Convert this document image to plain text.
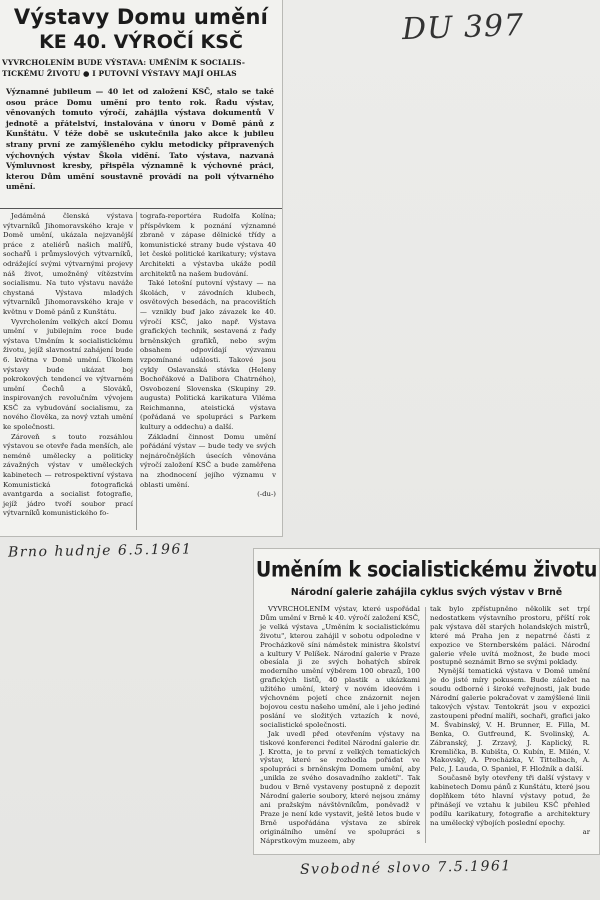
DU 397
Výstavy Domu umění
KE 40. VÝROČÍ KSČ
VYVRCHOLENÍM BUDE VÝSTAVA: UMĚNÍM K SOCIALIS-
TICKÉMU ŽIVOTU ● I PUTOVNÍ VÝSTAVY MAJÍ OHLAS
Významné jubileum — 40 let od založení KSČ, stalo se také osou práce Domu umění pro tento rok. Řadu výstav, věnovaných tomuto výročí, zahájila výstava dokumentů V jednotě a přátelství, instalována v únoru v Domě pánů z Kunštátu. V téže době se uskutečnila jako akce k jubileu strany první ze zamýšleného cyklu metodicky připravených výchovných výstav Škola vidění. Tato výstava, nazvaná Výmluvnost kresby, přispěla významně k výchovné práci, kterou Dům umění soustavně provádí na poli výtvarného umění.

Jedáměná členská výstava výtvarníků Jihomoravského kraje v Domě umění, ukázala nejzvanější práce z ateliérů našich malířů, sochařů i průmyslových výtvarníků, odrážející svými výtvarnými projevy náš život, umožněný vítězstvím socialismu. Na tuto výstavu naváže chystaná Výstava mladých výtvarníků Jihomoravského kraje v květnu v Domě pánů z Kunštátu.

Vyvrcholením velkých akcí Domu umění v jubilejním roce bude výstava Uměním k socialistickému životu, jejíž slavnostní zahájení bude 6. května v Domě umění. Úkolem výstavy bude ukázat boj pokrokových tendencí ve výtvarném umění Čechů a Slováků, inspirovaných revolučním vývojem KSČ za vybudování socialismu, za nového člověka, za nový vztah umění ke společnosti.

Zároveň s touto rozsáhlou výstavou se otevře řada menších, ale neméně umělecky a politicky závažných výstav v uměleckých kabinetech — retrospektivní výstava Komunistická fotografická avantgarda a socialist fotografie, jejíž jádro tvoří soubor prací výtvarníků komunistického fo-

tografa-reportéra Rudolfa Kolína; příspěvkem k poznání významné zbraně v zápase dělnické třídy a komunistické strany bude výstava 40 let české politické karikatury; výstava Architekti a výstavba ukáže podíl architektů na našem budování.

Také letošní putovní výstavy — na školách, v závodních klubech, osvětových besedách, na pracovištích — vznikly buď jako závazek ke 40. výročí KSČ, jako např. Výstava grafických technik, sestavená z řady brněnských grafiků, nebo svým obsahem odpovídají výzvamu vzpomínané události. Takové jsou cykly Oslavanská stávka (Heleny Bochořákové a Dalibora Chatrného), Osvobození Slovenska (Skupiny 29. augusta) Politická karikatura Viléma Reichmanna, ateistická výstava (pořádaná ve spolupráci s Parkem kultury a oddechu) a další.

Základní činnost Domu umění pořádání výstav — bude tedy ve svých nejnáročnějších úsecích věnována výročí založení KSČ a bude zaměřena na zhodnocení jejího významu v oblasti umění.

(-du-)
Brno hudnje 6.5.1961
Uměním k socialistickému životu
Národní galerie zahájila cyklus svých výstav v Brně

VYVRCHOLENÍM výstav, které uspořádal Dům umění v Brně k 40. výročí založení KSČ, je velká výstava „Uměním k socialistickému životu", kterou zahájil v sobotu odpoledne v Procházkově síni náměstek ministra školství a kultury V Pelíšek. Národní galerie v Praze obesíala ji ze svých bohatých sbírek moderního umění výběrem 100 obrazů, 100 grafických listů, 40 plastik a ukázkami užitého umění, který v novém ideovém i výchovném pojetí chce znázornit nejen bojovou cestu našeho umění, ale i jeho jediné poslání ve složitých vztazích k nové, socialistické společnosti.

Jak uvedl před otevřením výstavy na tiskové konferenci ředitel Národní galerie dr. J. Krotta, je to první z velkých tematických výstav, které se rozhodla pořádat ve spolupráci s brněnským Domem umění, aby „unikla ze svého dosavadního zakletí". Tak budou v Brně vystaveny postupně z depozit Národní galerie soubory, které nejsou známy ani pražským návštěvníkům, poněvadž v Praze je není kde vystavit, ještě letos bude v Brně uspořádána výstava ze sbírek originálního umění ve spolupráci s Náprstkovým muzeem, aby

tak bylo zpřístupněno několik set trpí nedostatkem výstavního prostoru, příští rok pak výstava děl starých holandských mistrů, které má Praha jen z nepatrné části z expozice ve Sternberském paláci. Národní galerie vřele uvítá možnost, že bude moci postupně seznámit Brno se svými poklady.

Nynější tematická výstava v Domě umění je do jisté míry pokusem. Bude záležet na soudu odborné i široké veřejnosti, jak bude Národní galerie pokračovat v zamýšlené linii takových výstav. Tentokrát jsou v expozici zastoupeni přední malíři, sochaři, grafici jako M. Švabinský, V. H. Brunner, E. Filla, M. Benka, O. Gutfreund, K. Svolinský, A. Zábranský, J. Zrzavý, J. Kaplický, R. Kremlička, B. Kubišta, O. Kubín, E. Milén, V. Makovský, A. Procházka, V. Tittelbach, A. Pelc, J. Lauda, O. Spaniel, F. Hložník a další.

Současně byly otevřeny tři další výstavy v kabinetech Domu pánů z Kunštátu, které jsou doplňkem této hlavní výstavy potud, že přinášejí ve vztahu k jubileu KSČ přehled podílu karikatury, fotografie a architektury na umělecký výbojích poslední epochy.

ar
Svobodné slovo 7.5.1961
